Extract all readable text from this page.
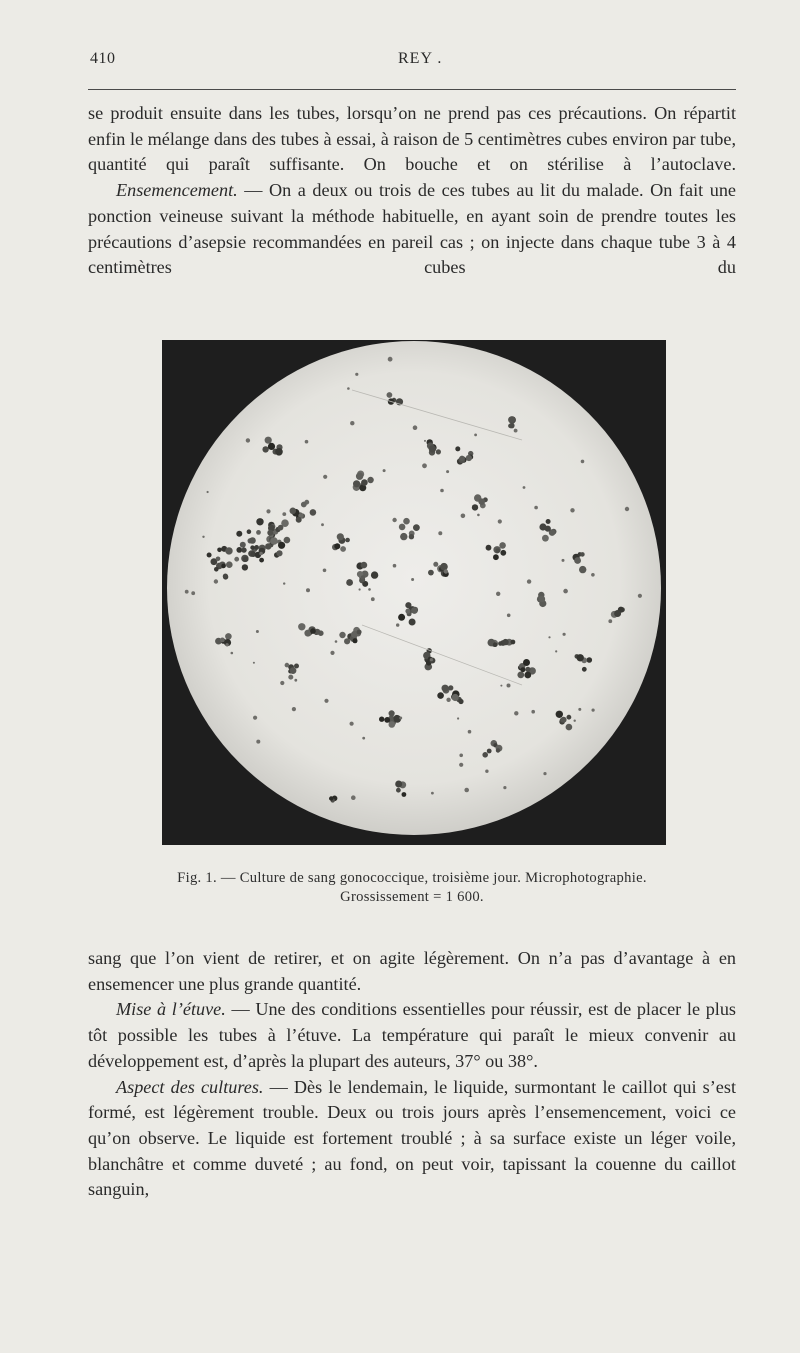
410	REY .

se produit ensuite dans les tubes, lorsqu’on ne prend pas ces précautions. On répartit enfin le mélange dans des tubes à essai, à raison de 5 centimètres cubes environ par tube, quantité qui paraît suffisante. On bouche et on stérilise à l’autoclave.

Ensemencement. — On a deux ou trois de ces tubes au lit du malade. On fait une ponction veineuse suivant la méthode habituelle, en ayant soin de prendre toutes les précautions d’asepsie recommandées en pareil cas ; on injecte dans chaque tube 3 à 4 centimètres cubes du

Fig. 1. — Culture de sang gonococcique, troisième jour. Microphotographie.
Grossissement = 1 600.

sang que l’on vient de retirer, et on agite légèrement. On n’a pas d’avantage à en ensemencer une plus grande quantité.

Mise à l’étuve. — Une des conditions essentielles pour réussir, est de placer le plus tôt possible les tubes à l’étuve. La température qui paraît le mieux convenir au développement est, d’après la plupart des auteurs, 37° ou 38°.

Aspect des cultures. — Dès le lendemain, le liquide, surmontant le caillot qui s’est formé, est légèrement trouble. Deux ou trois jours après l’ensemencement, voici ce qu’on observe. Le liquide est fortement troublé ; à sa surface existe un léger voile, blanchâtre et comme duveté ; au fond, on peut voir, tapissant la couenne du caillot sanguin,
